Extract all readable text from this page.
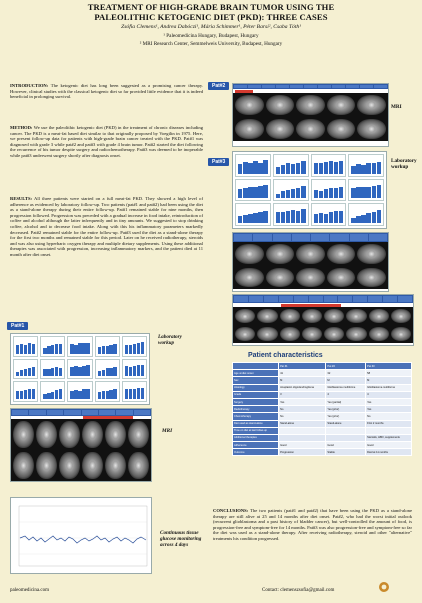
TREATMENT OF HIGH-GRADE BRAIN TUMOR USING THE
PALEOLITHIC KETOGENIC DIET (PKD): THREE CASES
Zsófia Clemens¹, Andrea Dabóczi¹, Mária Schimmer¹, Péter Barsi², Csaba Tóth¹
¹ Paleomedicina Hungary, Budapest, Hungary
² MRI Research Center, Semmelweis University, Budapest, Hungary
INTRODUCTION: The ketogenic diet has long been suggested as a promising cancer therapy. However, clinical studies with the classical ketogenic diet so far provided little evidence that it is indeed beneficial in prolonging survival.
METHOD: We use the paleolithic ketogenic diet (PKD) in the treatment of chronic diseases including cancer. The PKD is a meat-fat based diet similar to that originally proposed by Voegtlin in 1975. Here, we present follow-up data for patients with high-grade brain cancer treated with the PKD. Pat#1 was diagnosed with grade 3 while pat#2 and pat#3 with grade 4 brain tumor. Pat#2 started the diet following the recurrence of his tumor despite surgery and radiochemotherapy. Pat#3 was deemed to be inoperable while pat#3 underwent surgery shortly after diagnosis onset.
RESULTS: All three patients were started on a full meat-fat PKD. They showed a high level of adherence as evidenced by laboratory follow-up. Two patients (pat#1 and pat#2) had been using the diet as a stand-alone therapy during their entire follow-up. Pat#1 remained stable for nine months, then progression followed. Progression was preceded with a gradual increase in food intake, reintroduction of coffee and alcohol although the latter infrequently and in tiny amounts. We suggested to stop drinking coffee, alcohol and to decrease food intake. Along with this his inflammatory parameters markedly decreased. Pat#2 remained stable for the entire follow-up. Pat#3 used the diet as a stand-alone therapy for the first two months and remained stable for this period. Later on he received radiotherapy, steroids and was also using hyperbaric oxygen therapy and multiple dietary supplements. Using these additional therapies was associated with progression, increasing inflammatory markers, and the patient died at 11 month after diet onset.
Pat#2
MRI
Pat#3	Laboratory workup
Pat#1
Laboratory workup
MRI
Continuous tissue glucose monitoring across 4 days
Patient characteristics
	Pat #1	Pat #2	Pat #3
Age at diet onset	41	32	58
Sex	M	M	M
Histology	Anaplastic oligodendroglioma	Glioblastoma multiforme	Glioblastoma multiforme
Grade	3	4	4
Surgery	Yes	Yes (partial)	Yes
Radiotherapy	No	Yes (prior)	Yes
Chemotherapy	No	Yes (prior)	No
Diet used as stand-alone	Stand-alone	Stand-alone	First 2 months
Time on diet at last follow-up			
Additional therapies			Steroids, HBO, supplements
Adherence	Good	Good	Good
Outcome	Progression	Stable	Died at 11 months
CONCLUSIONS: The two patients (pat#1 and pat#2) that have been using the PKD as a stand-alone therapy are still alive at 25 and 14 months after diet onset. Pat#2, who had the worst initial outlook (recurrent glioblastoma and a past history of bladder cancer), but well-controlled the amount of food, is progression-free and symptom-free for 14 months. Pat#3 was also progression-free and symptom-free so far the diet was used as a stand-alone therapy. After receiving radiotherapy, steroid and other "alternative" treatments his condition progressed.
paleomedicina.com	Contact: clemenszsofia@gmail.com
